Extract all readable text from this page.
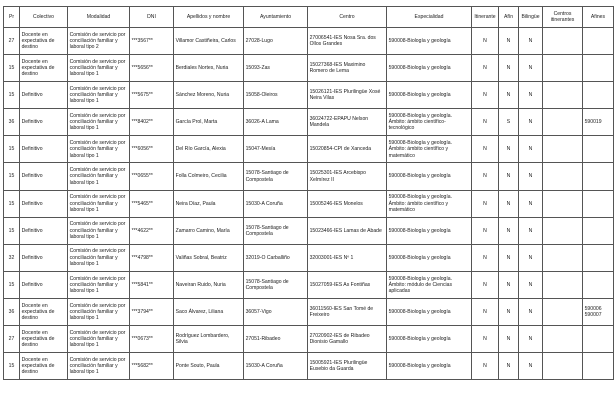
Pr	Colectivo	Modalidad	DNI	Apellidos y nombre	Ayuntamiento	Centro	Especialidad	Itinerante	Afín	Bilingüe	Centros itinerantes	Afines
27	Docente en expectativa de destino	Comisión de servicio por conciliación familiar y laboral tipo 2	***3567**	Villamor Castiñeira, Carlos	27028-Lugo	27006541-IES Nosa Sra. dos Ollos Grandes	590008-Biología y geología	N	N	N		
15	Docente en expectativa de destino	Comisión de servicio por conciliación familiar y laboral tipo 1	***5656**	Berdiales Nortes, Nuria	15093-Zas	15027368-IES Maximino Romero de Lema	590008-Biología y geología	N	N	N		
15	Definitivo	Comisión de servicio por conciliación familiar y laboral tipo 1	***5675**	Sánchez Moreno, Nuria	15058-Oleiros	15026121-IES Plurilingüe Xosé Neira Vilas	590008-Biología y geología	N	N	N		
36	Definitivo	Comisión de servicio por conciliación familiar y laboral tipo 1	***8402**	García Prol, Marta	36026-A Lama	36024722-EPAPU Nelson Mandela	590008-Biología y geología. Ámbito: ámbito científico-tecnológico	N	S	N		590019
15	Definitivo	Comisión de servicio por conciliación familiar y laboral tipo 1	***6056**	Del Río García, Alexia	15047-Mesía	15020854-CPI de Xanceda	590008-Biología y geología. Ámbito: ámbito científico y matemático	N	N	N		
15	Definitivo	Comisión de servicio por conciliación familiar y laboral tipo 1	***0655**	Folla Colmeiro, Cecilia	15078-Santiago de Compostela	15025301-IES Arcebispo Xelmírez II	590008-Biología y geología	N	N	N		
15	Definitivo	Comisión de servicio por conciliación familiar y laboral tipo 1	***5465**	Neira Díaz, Paula	15030-A Coruña	15005246-IES Monelos	590008-Biología y geología. Ámbito: ámbito científico y matemático	N	N	N		
15	Definitivo	Comisión de servicio por conciliación familiar y laboral tipo 1	***4622**	Zamarro Camino, María	15078-Santiago de Compostela	15023466-IES Lamas de Abade	590008-Biología y geología	N	N	N		
32	Definitivo	Comisión de servicio por conciliación familiar y laboral tipo 1	***4798**	Valiñas Sobral, Beatriz	32019-O Carballiño	32003001-IES Nº 1	590008-Biología y geología	N	N	N		
15	Definitivo	Comisión de servicio por conciliación familiar y laboral tipo 1	***5841**	Naveiran Ruido, Nuria	15078-Santiago de Compostela	15027059-IES As Fontiñas	590008-Biología y geología. Ámbito: módulo de Ciencias aplicadas	N	N	N		
36	Docente en expectativa de destino	Comisión de servicio por conciliación familiar y laboral tipo 1	***3794**	Saco Álvarez, Liliana	36057-Vigo	36011560-IES San Tomé de Freixeiro	590008-Biología y geología	N	N	N		590006 590007
27	Docente en expectativa de destino	Comisión de servicio por conciliación familiar y laboral tipo 1	***0673**	Rodríguez Lombardero, Silvia	27051-Ribadeo	27020902-IES de Ribadeo Dionisio Gamallo	590008-Biología y geología	N	N	N		
15	Docente en expectativa de destino	Comisión de servicio por conciliación familiar y laboral tipo 1	***5682**	Ponte Souto, Paula	15030-A Coruña	15005921-IES Plurilingüe Eusebio da Guarda	590008-Biología y geología	N	N	N		
